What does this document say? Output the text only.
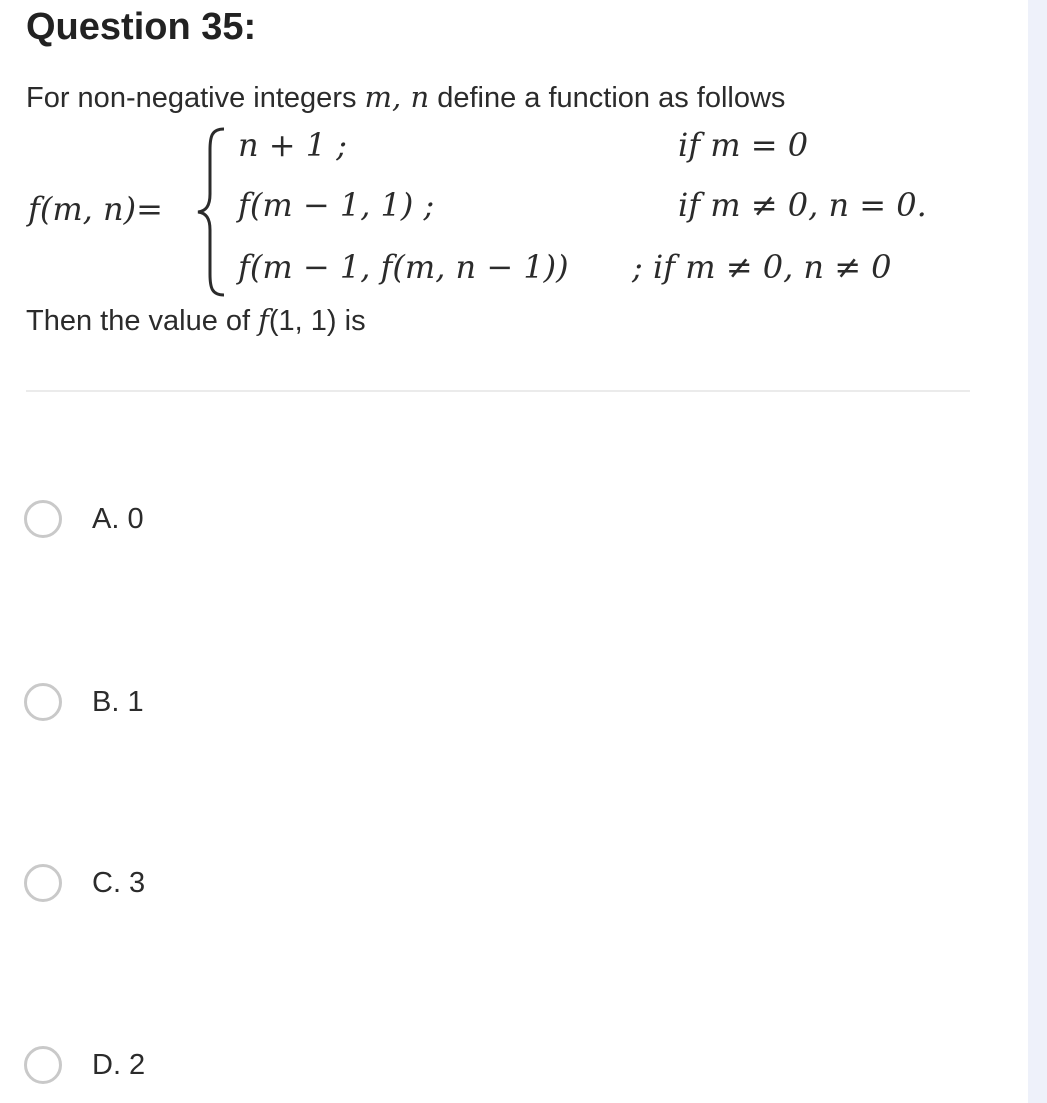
Question 35:
For non-negative integers m, n define a function as follows
f(m, n)=
n + 1 ;	if m = 0
f(m − 1, 1) ;	if m ≠ 0, n = 0.
f(m − 1, f(m, n − 1)) ; if m ≠ 0, n ≠ 0
Then the value of f(1, 1) is
A. 0
B. 1
C. 3
D. 2
